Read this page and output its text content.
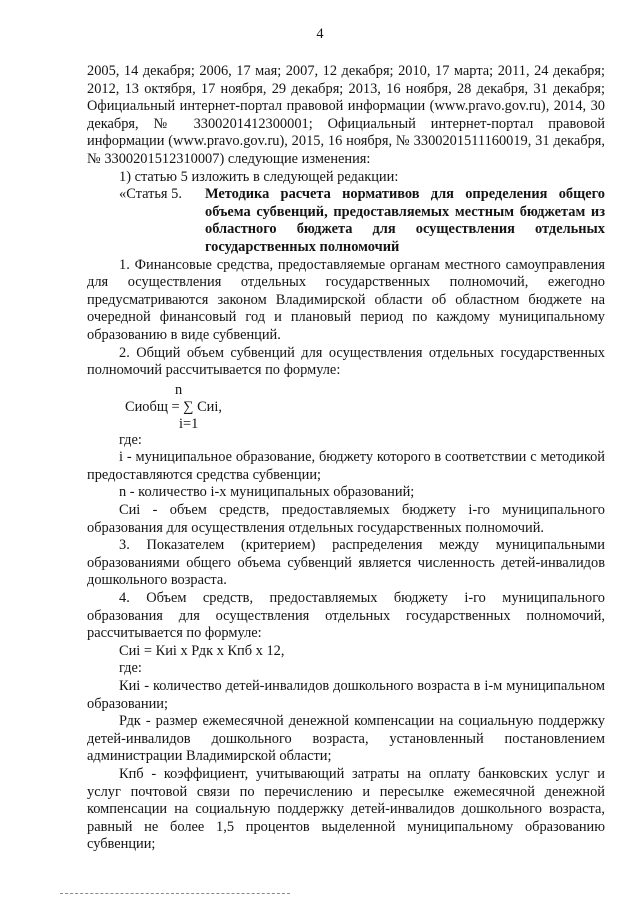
4

2005, 14 декабря; 2006, 17 мая; 2007, 12 декабря; 2010, 17 марта; 2011, 24 декабря; 2012, 13 октября, 17 ноября, 29 декабря; 2013, 16 ноября, 28 декабря, 31 декабря; Официальный интернет-портал правовой информации (www.pravo.gov.ru), 2014, 30 декабря, № 3300201412300001; Официальный интернет-портал правовой информации (www.pravo.gov.ru), 2015, 16 ноября, № 3300201511160019, 31 декабря, № 3300201512310007) следующие изменения:

1) статью 5 изложить в следующей редакции:

«Статья 5.	Методика расчета нормативов для определения общего объема субвенций, предоставляемых местным бюджетам из областного бюджета для осуществления отдельных государственных полномочий

1. Финансовые средства, предоставляемые органам местного самоуправления для осуществления отдельных государственных полномочий, ежегодно предусматриваются законом Владимирской области об областном бюджете на очередной финансовый год и плановый период по каждому муниципальному образованию в виде субвенций.

2. Общий объем субвенций для осуществления отдельных государственных полномочий рассчитывается по формуле:

n
Сиобщ = ∑ Сиi,
i=1

где:

i - муниципальное образование, бюджету которого в соответствии с методикой предоставляются средства субвенции;

n - количество i-х муниципальных образований;

Сиi - объем средств, предоставляемых бюджету i-го муниципального образования для осуществления отдельных государственных полномочий.

3. Показателем (критерием) распределения между муниципальными образованиями общего объема субвенций является численность детей-инвалидов дошкольного возраста.

4. Объем средств, предоставляемых бюджету i-го муниципального образования для осуществления отдельных государственных полномочий, рассчитывается по формуле:

Сиi = Киi х Рдк х Кпб х 12,

где:

Киi - количество детей-инвалидов дошкольного возраста в i-м муниципальном образовании;

Рдк - размер ежемесячной денежной компенсации на социальную поддержку детей-инвалидов дошкольного возраста, установленный постановлением администрации Владимирской области;

Кпб - коэффициент, учитывающий затраты на оплату банковских услуг и услуг почтовой связи по перечислению и пересылке ежемесячной денежной компенсации на социальную поддержку детей-инвалидов дошкольного возраста, равный не более 1,5 процентов выделенной муниципальному образованию субвенции;
